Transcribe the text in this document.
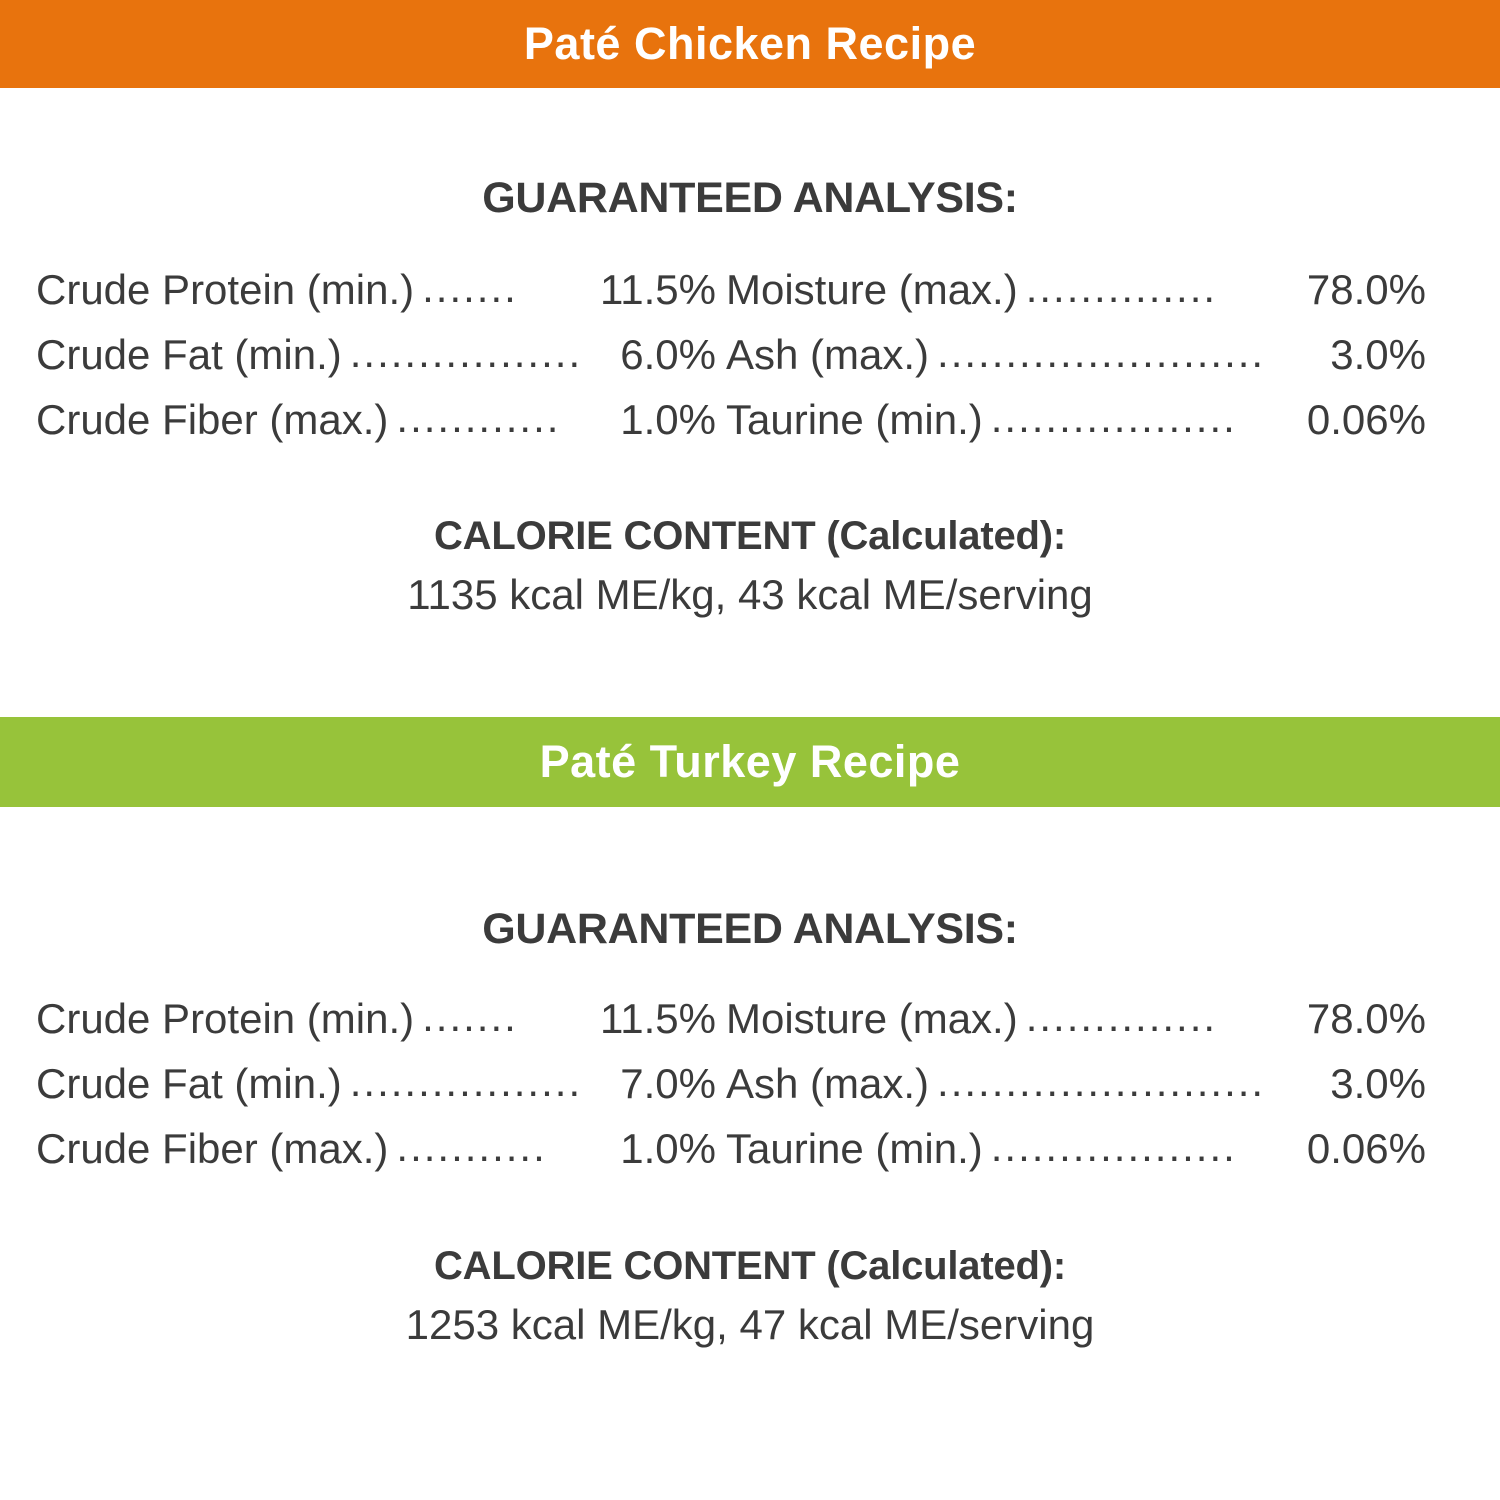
Paté Chicken Recipe
GUARANTEED ANALYSIS:
Crude Protein (min.) .......	11.5% Moisture (max.) ..............	78.0%
Crude Fat (min.) ................. 6.0% Ash (max.) ........................	3.0%
Crude Fiber (max.) ............	1.0% Taurine (min.) ..................	0.06%
CALORIE CONTENT (Calculated):
1135 kcal ME/kg, 43 kcal ME/serving
Paté Turkey Recipe
GUARANTEED ANALYSIS:
Crude Protein (min.) .......	11.5% Moisture (max.) ..............	78.0%
Crude Fat (min.) ................. 7.0% Ash (max.) ........................	3.0%
Crude Fiber (max.) ...........	1.0% Taurine (min.) ..................	0.06%
CALORIE CONTENT (Calculated):
1253 kcal ME/kg, 47 kcal ME/serving
